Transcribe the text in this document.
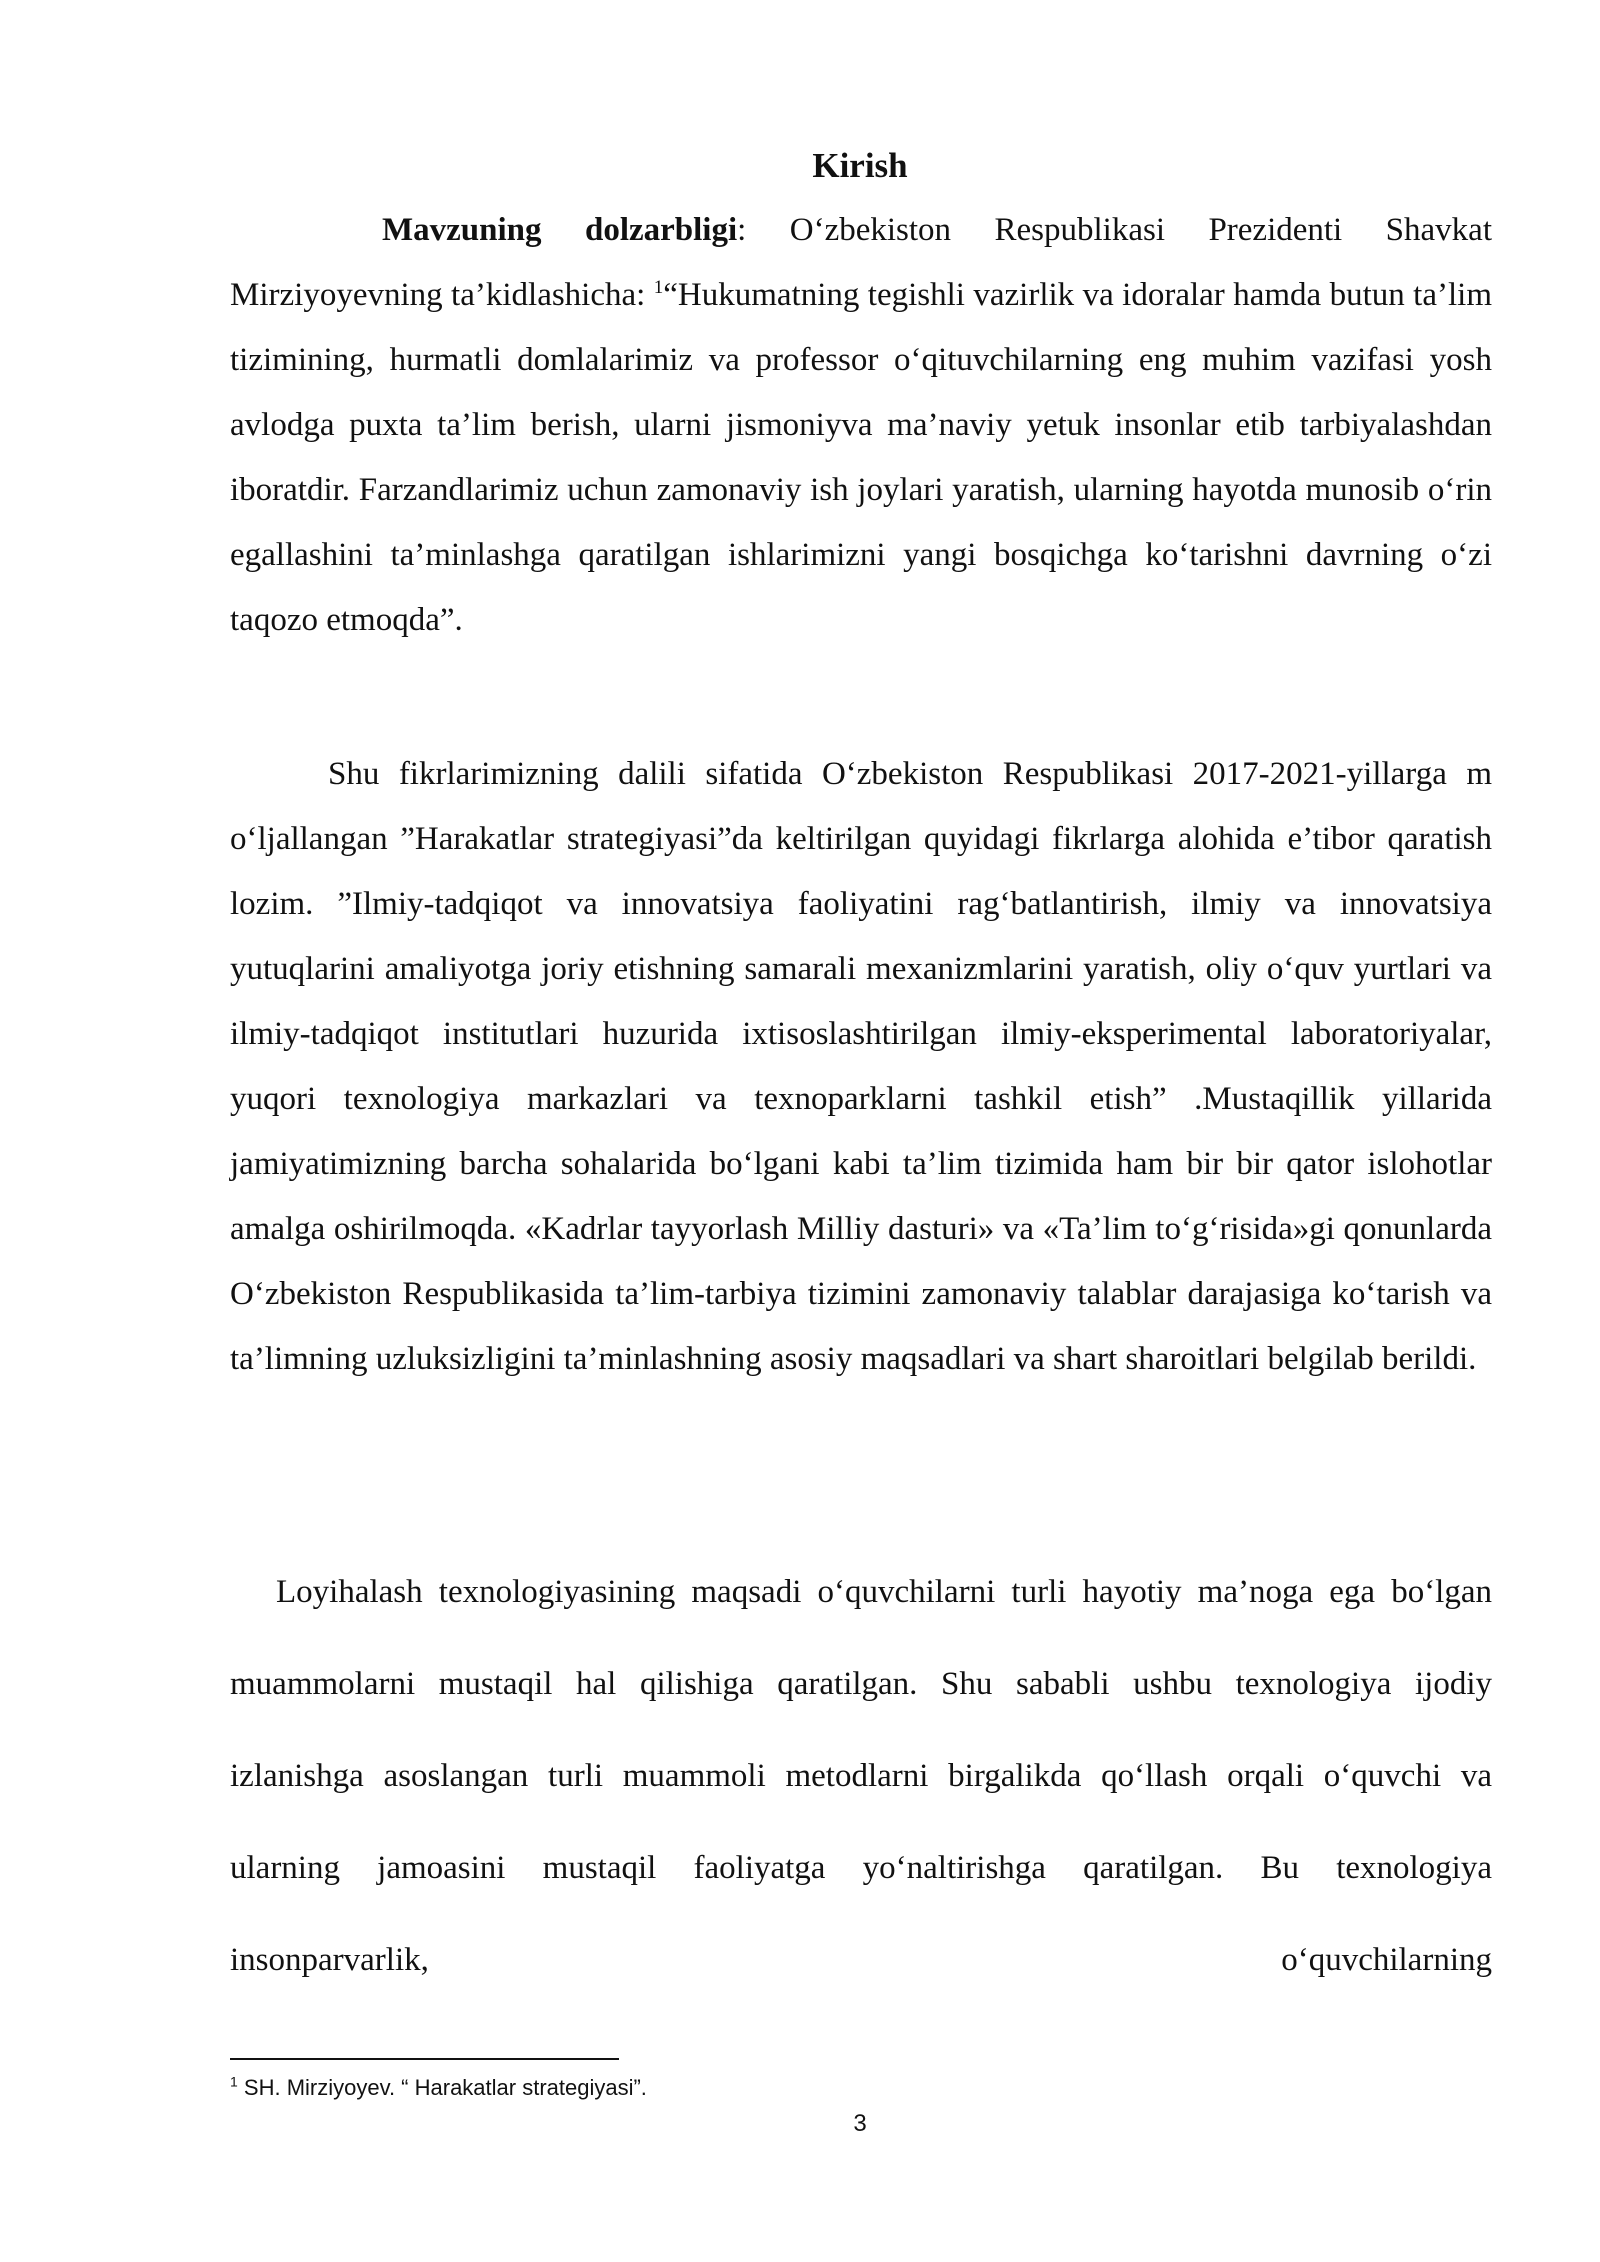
Kirish

Mavzuning dolzarbligi: O‘zbekiston Respublikasi Prezidenti Shavkat Mirziyoyevning ta’kidlashicha: $^1$“Hukumatning tegishli vazirlik va idoralar hamda butun ta’lim tizimining, hurmatli domlalarimiz va professor o‘qituvchilarning eng muhim vazifasi yosh avlodga puxta ta’lim berish, ularni jismoniyva ma’naviy yetuk insonlar etib tarbiyalashdan iboratdir. Farzandlarimiz uchun zamonaviy ish joylari yaratish, ularning hayotda munosib o‘rin egallashini ta’minlashga qaratilgan ishlarimizni yangi bosqichga ko‘tarishni davrning o‘zi taqozo etmoqda”.

Shu fikrlarimizning dalili sifatida O‘zbekiston Respublikasi 2017-2021-yillarga m o‘ljallangan ”Harakatlar strategiyasi”da keltirilgan quyidagi fikrlarga alohida e’tibor qaratish lozim. ”Ilmiy-tadqiqot va innovatsiya faoliyatini rag‘batlantirish, ilmiy va innovatsiya yutuqlarini amaliyotga joriy etishning samarali mexanizmlarini yaratish, oliy o‘quv yurtlari va ilmiy-tadqiqot institutlari huzurida ixtisoslashtirilgan ilmiy-eksperimental laboratoriyalar, yuqori texnologiya markazlari va texnoparklarni tashkil etish” .Mustaqillik yillarida jamiyatimizning barcha sohalarida bo‘lgani kabi ta’lim tizimida ham bir bir qator islohotlar amalga oshirilmoqda. «Kadrlar tayyorlash Milliy dasturi» va «Ta’lim to‘g‘risida»gi qonunlarda O‘zbekiston Respublikasida ta’lim-tarbiya tizimini zamonaviy talablar darajasiga ko‘tarish va ta’limning uzluksizligini ta’minlashning asosiy maqsadlari va shart sharoitlari belgilab berildi.

Loyihalash texnologiyasining maqsadi o‘quvchilarni turli hayotiy ma’noga ega bo‘lgan muammolarni mustaqil hal qilishiga qaratilgan. Shu sababli ushbu texnologiya ijodiy izlanishga asoslangan turli muammoli metodlarni birgalikda qo‘llash orqali o‘quvchi va ularning jamoasini mustaqil faoliyatga yo‘naltirishga qaratilgan. Bu texnologiya insonparvarlik, o‘quvchilarning

$^1$ SH. Mirziyoyev. “ Harakatlar strategiyasi”.
3
